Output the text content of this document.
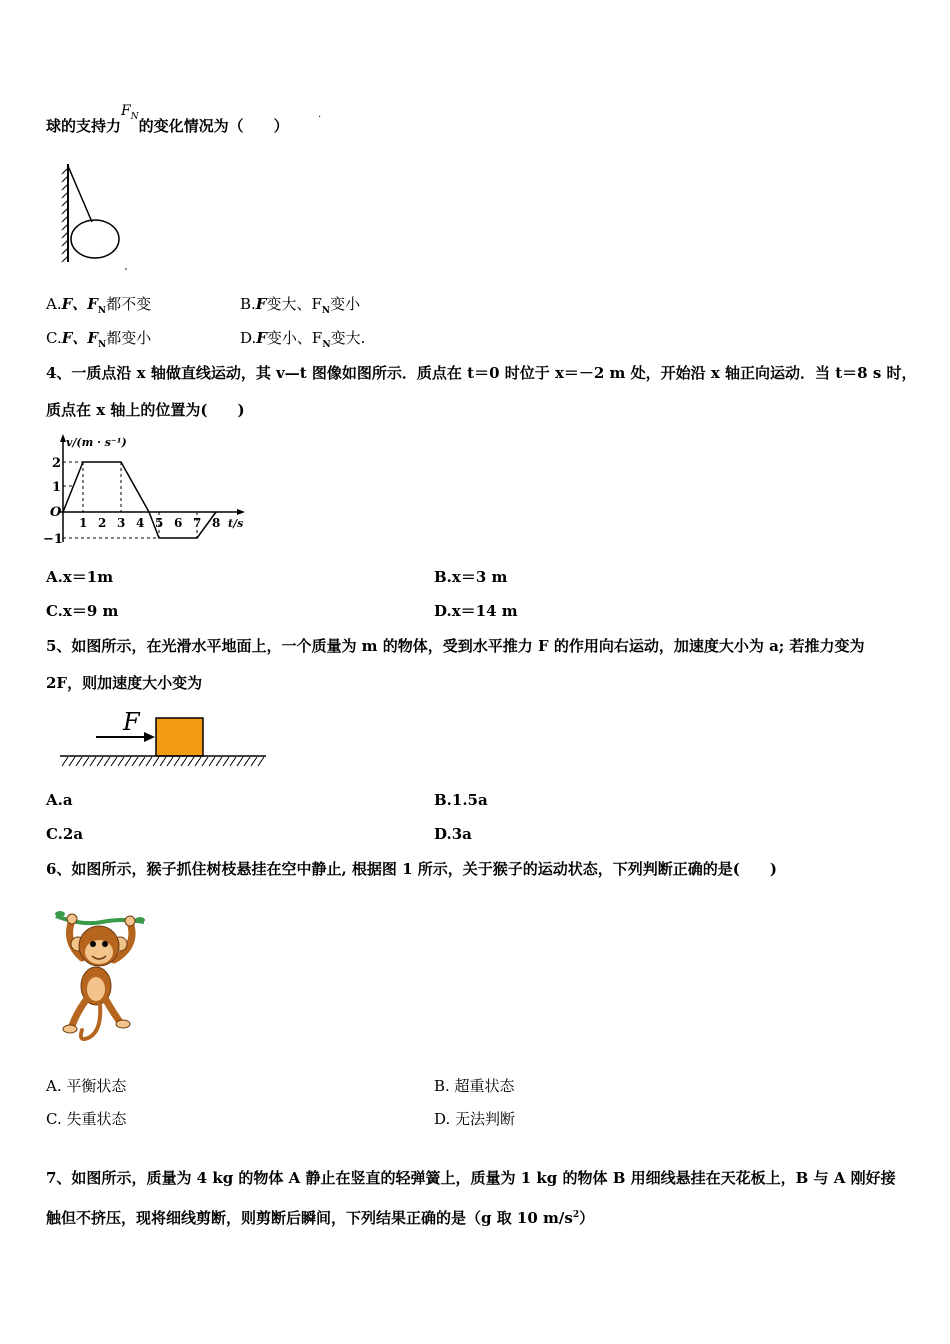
球的支持力$F_N$的变化情况为（　　）	·
A.F、$F_N$都不变	B.F变大、$F_N$变小
C.F、$F_N$都变小	D.F变小、$F_N$变大.
4、一质点沿 x 轴做直线运动，其 v—t 图像如图所示．质点在 t＝0 时位于 x＝－2 m 处，开始沿 x 轴正向运动．当 t＝8 s 时，
质点在 x 轴上的位置为(　　)
v/(m · s⁻¹)
t/s
O
2
1
−1
1 2 3 4 5 6 7 8
A.x＝1m	B.x＝3 m
C.x＝9 m	D.x＝14 m
5、如图所示，在光滑水平地面上，一个质量为 m 的物体，受到水平推力 F 的作用向右运动，加速度大小为 a; 若推力变为
2F，则加速度大小变为
F
A.a	B.1.5a
C.2a	D.3a
6、如图所示，猴子抓住树枝悬挂在空中静止, 根据图 1 所示，关于猴子的运动状态，下列判断正确的是(　　)
A. 平衡状态	B. 超重状态
C. 失重状态	D. 无法判断
7、如图所示，质量为 4 kg 的物体 A 静止在竖直的轻弹簧上，质量为 1 kg 的物体 B 用细线悬挂在天花板上，B 与 A 刚好接
触但不挤压，现将细线剪断，则剪断后瞬间，下列结果正确的是（g 取 10 $m/s^2$）
